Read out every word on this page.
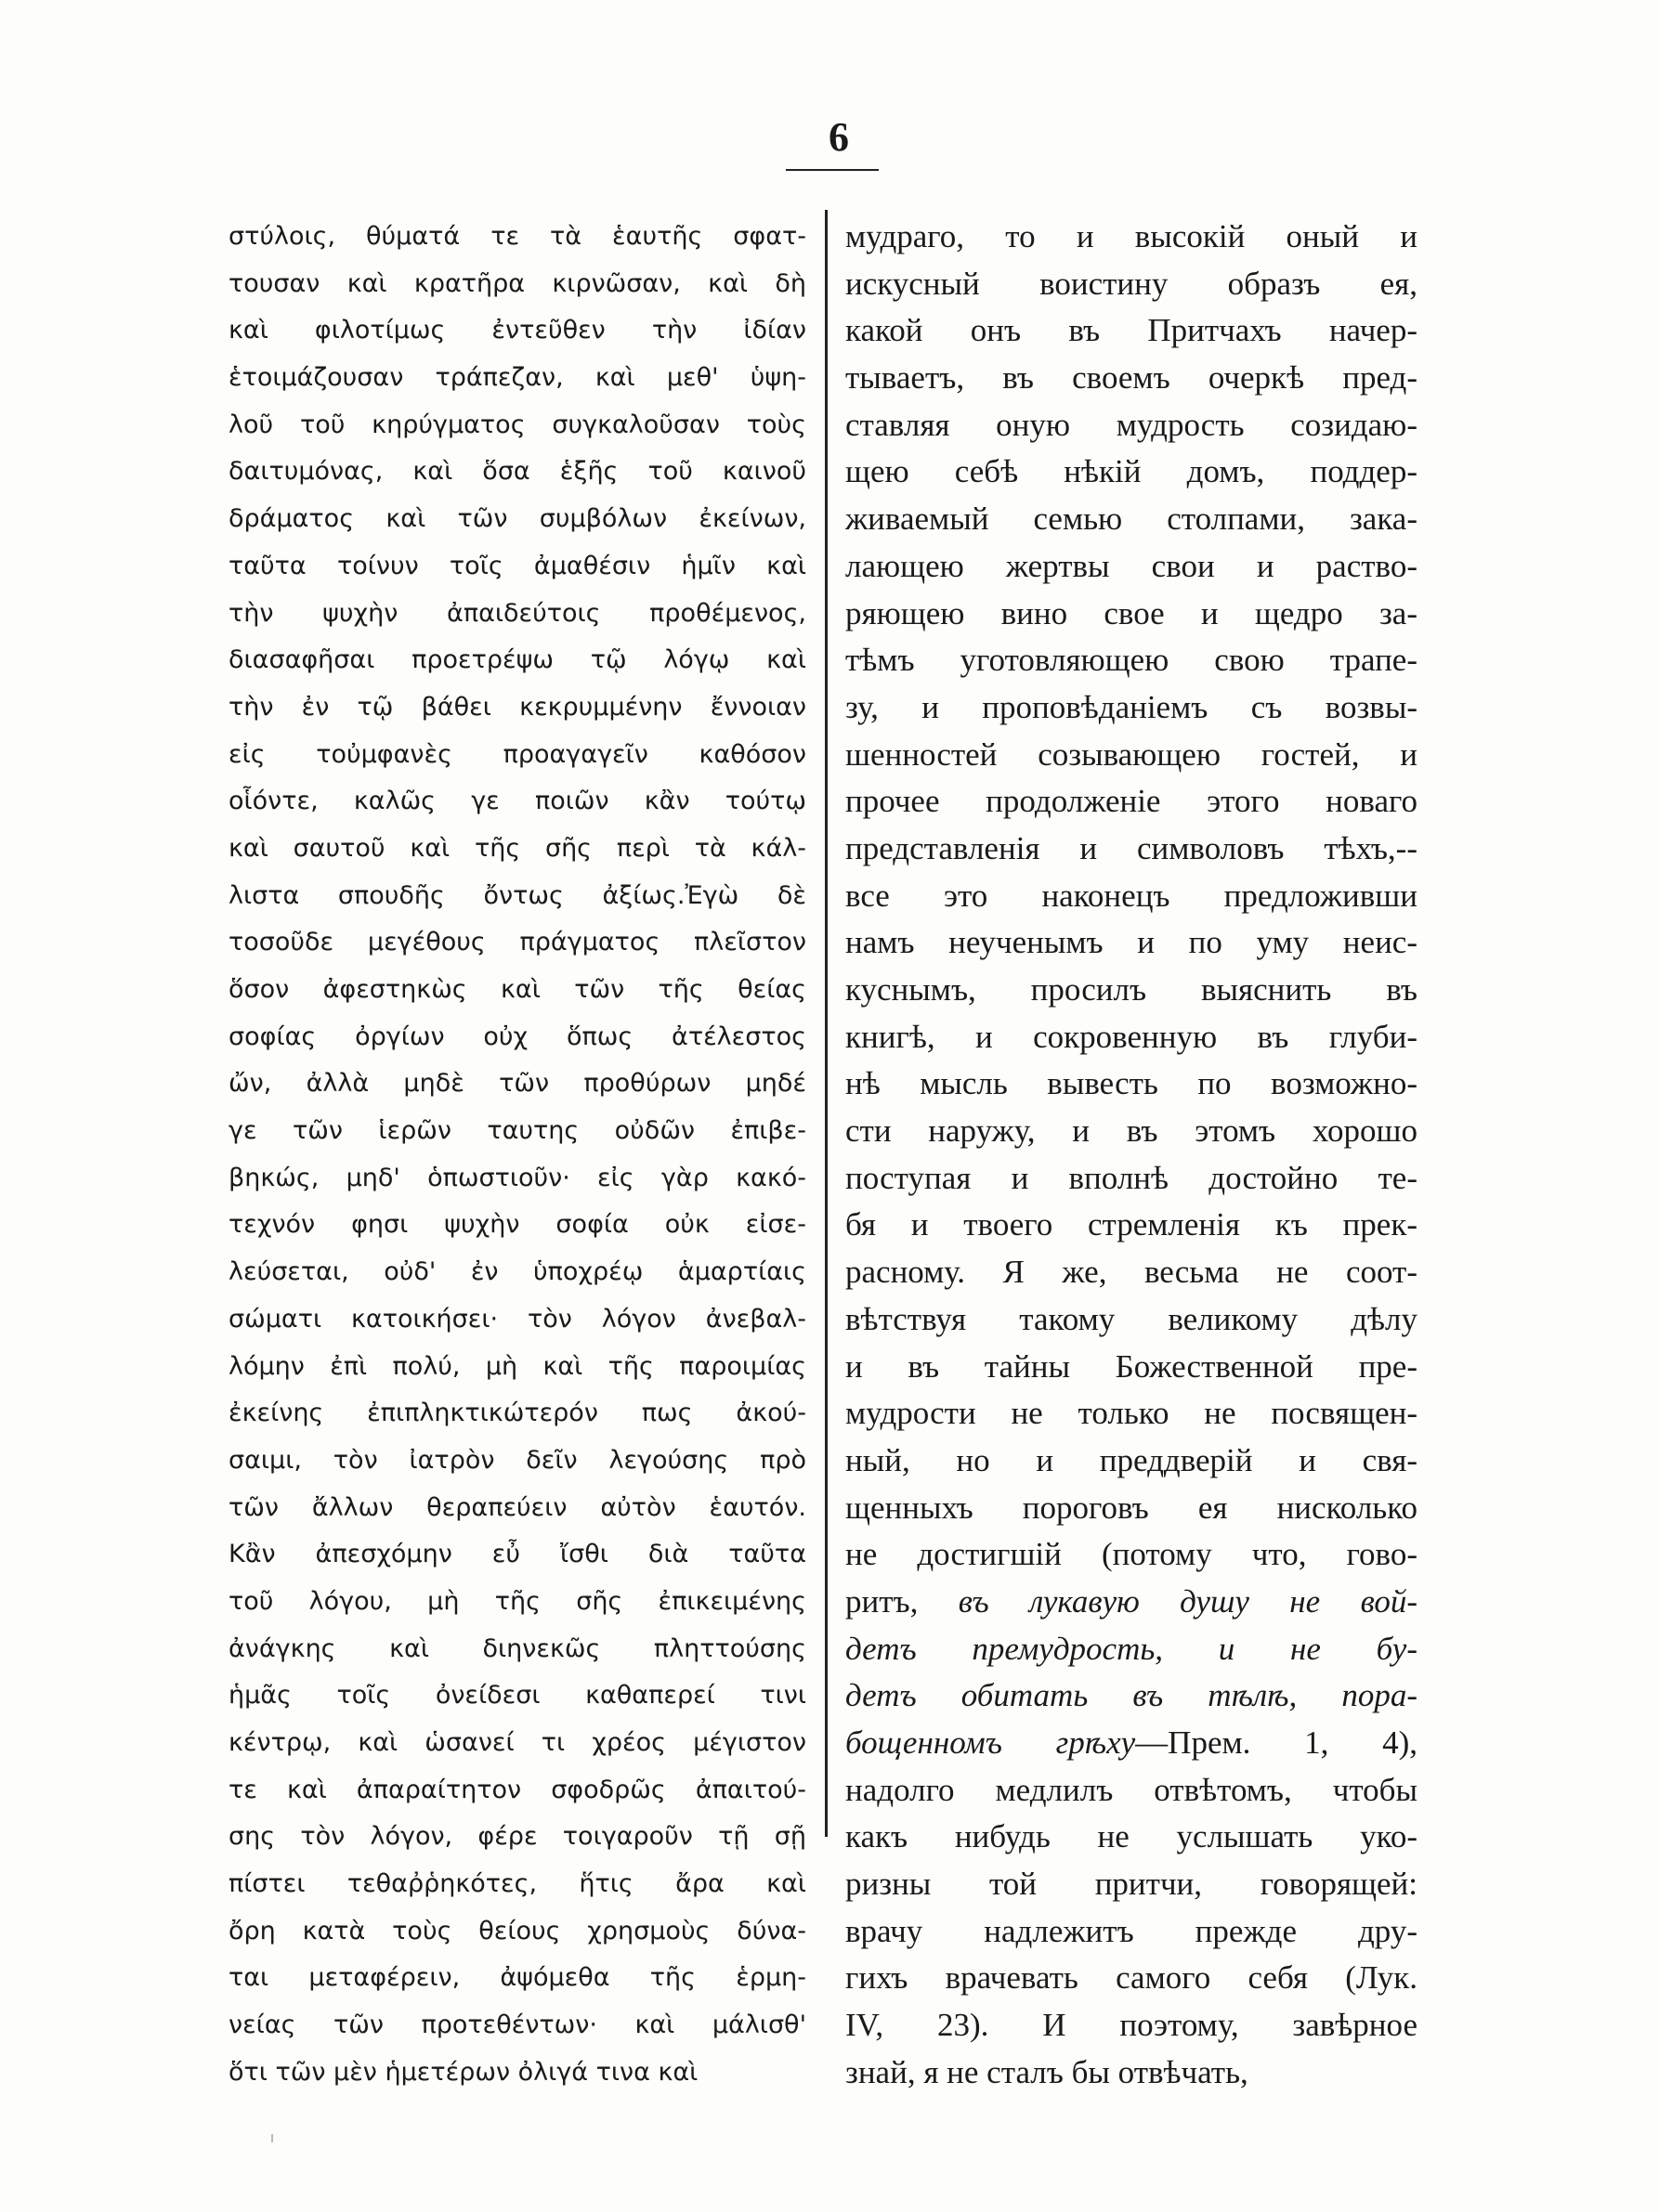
6
στύλοις, θύματά τε τὰ ἑαυτῆς σφατ-
τουσαν καὶ κρατῆρα κιρνῶσαν, καὶ δὴ
καὶ φιλοτίμως ἐντεῦθεν τὴν ἰδίαν
ἑτοιμάζουσαν τράπεζαν, καὶ μεθ' ὑψη-
λοῦ τοῦ κηρύγματος συγκαλοῦσαν τοὺς
δαιτυμόνας, καὶ ὅσα ἑξῆς τοῦ καινοῦ
δράματος καὶ τῶν συμβόλων ἐκείνων,
ταῦτα τοίνυν τοῖς ἀμαθέσιν ἡμῖν καὶ
τὴν ψυχὴν ἀπαιδεύτοις προθέμενος,
διασαφῆσαι προετρέψω τῷ λόγῳ καὶ
τὴν ἐν τῷ βάθει κεκρυμμένην ἔννοιαν
εἰς τοὐμφανὲς προαγαγεῖν καθόσον
οἷόντε, καλῶς γε ποιῶν κἂν τούτῳ
καὶ σαυτοῦ καὶ τῆς σῆς περὶ τὰ κάλ-
λιστα σπουδῆς ὄντως ἀξίως.Ἐγὼ δὲ
τοσοῦδε μεγέθους πράγματος πλεῖστον
ὅσον ἀφεστηκὼς καὶ τῶν τῆς θείας
σοφίας ὀργίων οὐχ ὅπως ἀτέλεστος
ὤν, ἀλλὰ μηδὲ τῶν προθύρων μηδέ
γε τῶν ἱερῶν ταυτης οὐδῶν ἐπιβε-
βηκώς, μηδ' ὁπωστιοῦν· εἰς γὰρ κακό-
τεχνόν φησι ψυχὴν σοφία οὐκ εἰσε-
λεύσεται, οὐδ' ἐν ὑποχρέῳ ἁμαρτίαις
σώματι κατοικήσει· τὸν λόγον ἀνεβαλ-
λόμην ἐπὶ πολύ, μὴ καὶ τῆς παροιμίας
ἐκείνης ἐπιπληκτικώτερόν πως ἀκού-
σαιμι, τὸν ἰατρὸν δεῖν λεγούσης πρὸ
τῶν ἄλλων θεραπεύειν αὐτὸν ἑαυτόν.
Κἂν ἀπεσχόμην εὖ ἴσθι διὰ ταῦτα
τοῦ λόγου, μὴ τῆς σῆς ἐπικειμένης
ἀνάγκης καὶ διηνεκῶς πληττούσης
ἡμᾶς τοῖς ὀνείδεσι καθαπερεί τινι
κέντρῳ, καὶ ὡσανεί τι χρέος μέγιστον
τε καὶ ἀπαραίτητον σφοδρῶς ἀπαιτού-
σης τὸν λόγον, φέρε τοιγαροῦν τῇ σῇ
πίστει τεθαῤῥηκότες, ἥτις ἄρα καὶ
ὄρη κατὰ τοὺς θείους χρησμοὺς δύνα-
ται μεταφέρειν, ἀψόμεθα τῆς ἑρμη-
νείας τῶν προτεθέντων· καὶ μάλισθ'
ὅτι τῶν μὲν ἡμετέρων ὀλιγά τινα καὶ
мудраго, то и высокій оный и
искусный воистину образъ ея,
какой онъ въ Притчахъ начер-
тываетъ, въ своемъ очеркѣ пред-
ставляя оную мудрость созидаю-
щею себѣ нѣкій домъ, поддер-
живаемый семью столпами, зака-
лающею жертвы свои и раство-
ряющею вино свое и щедро за-
тѣмъ уготовляющею свою трапе-
зу, и проповѣданіемъ съ возвы-
шенностей созывающею гостей, и
прочее продолженіе этого новаго
представленія и символовъ тѣхъ,--
все это наконецъ предложивши
намъ неученымъ и по уму неис-
куснымъ, просилъ выяснить въ
книгѣ, и сокровенную въ глуби-
нѣ мысль вывесть по возможно-
сти наружу, и въ этомъ хорошо
поступая и вполнѣ достойно те-
бя и твоего стремленія къ прек-
расному. Я же, весьма не соот-
вѣтствуя такому великому дѣлу
и въ тайны Божественной пре-
мудрости не только не посвящен-
ный, но и преддверій и свя-
щенныхъ пороговъ ея нисколько
не достигшій (потому что, гово-
ритъ, въ лукавую душу не вой-
детъ премудрость, и не бу-
детъ обитать въ тѣлѣ, пора-
бощенномъ грѣху—Прем. 1, 4),
надолго медлилъ отвѣтомъ, чтобы
какъ нибудь не услышать уко-
ризны той притчи, говорящей:
врачу надлежитъ прежде дру-
гихъ врачевать самого себя (Лук.
IV, 23). И поэтому, завѣрное
знай, я не сталъ бы отвѣчать,
